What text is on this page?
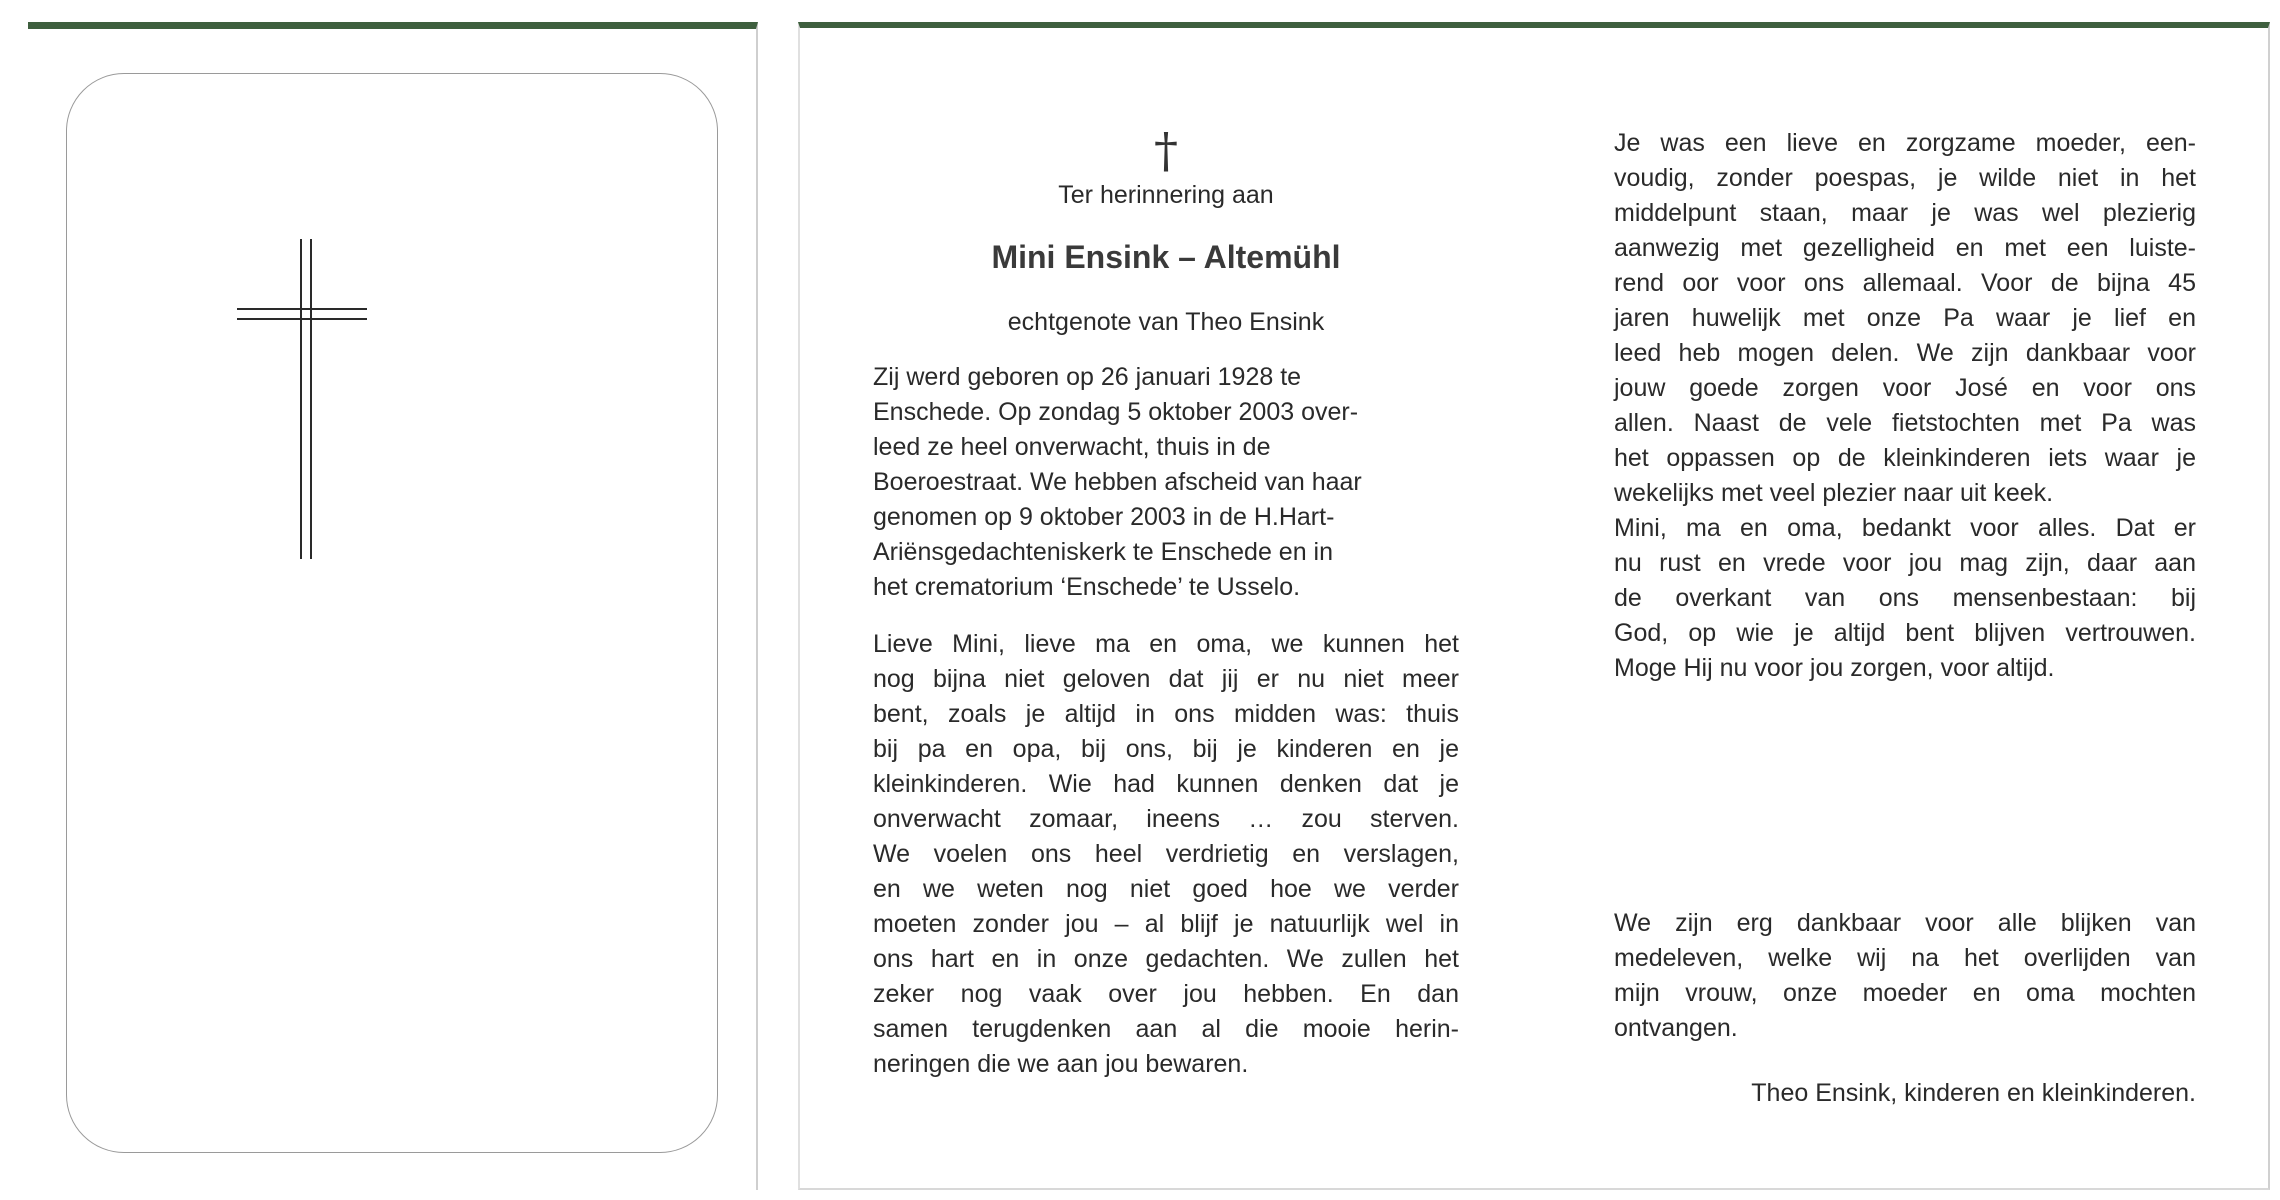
†
Ter herinnering aan
Mini Ensink – Altemühl
echtgenote van Theo Ensink
Zij werd geboren op 26 januari 1928 te
Enschede. Op zondag 5 oktober 2003 over-
leed ze heel onverwacht, thuis in de
Boeroestraat. We hebben afscheid van haar
genomen op 9 oktober 2003 in de H.Hart-
Ariënsgedachteniskerk te Enschede en in
het crematorium ‘Enschede’ te Usselo.
Lieve Mini, lieve ma en oma, we kunnen het
nog bijna niet geloven dat jij er nu niet meer
bent, zoals je altijd in ons midden was: thuis
bij pa en opa, bij ons, bij je kinderen en je
kleinkinderen. Wie had kunnen denken dat je
onverwacht zomaar, ineens … zou sterven.
We voelen ons heel verdrietig en verslagen,
en we weten nog niet goed hoe we verder
moeten zonder jou – al blijf je natuurlijk wel in
ons hart en in onze gedachten. We zullen het
zeker nog vaak over jou hebben. En dan
samen terugdenken aan al die mooie herin-
neringen die we aan jou bewaren.
Je was een lieve en zorgzame moeder, een-
voudig, zonder poespas, je wilde niet in het
middelpunt staan, maar je was wel plezierig
aanwezig met gezelligheid en met een luiste-
rend oor voor ons allemaal. Voor de bijna 45
jaren huwelijk met onze Pa waar je lief en
leed heb mogen delen. We zijn dankbaar voor
jouw goede zorgen voor José en voor ons
allen. Naast de vele fietstochten met Pa was
het oppassen op de kleinkinderen iets waar je
wekelijks met veel plezier naar uit keek.
Mini, ma en oma, bedankt voor alles. Dat er
nu rust en vrede voor jou mag zijn, daar aan
de overkant van ons mensenbestaan: bij
God, op wie je altijd bent blijven vertrouwen.
Moge Hij nu voor jou zorgen, voor altijd.
We zijn erg dankbaar voor alle blijken van
medeleven, welke wij na het overlijden van
mijn vrouw, onze moeder en oma mochten
ontvangen.
Theo Ensink, kinderen en kleinkinderen.
